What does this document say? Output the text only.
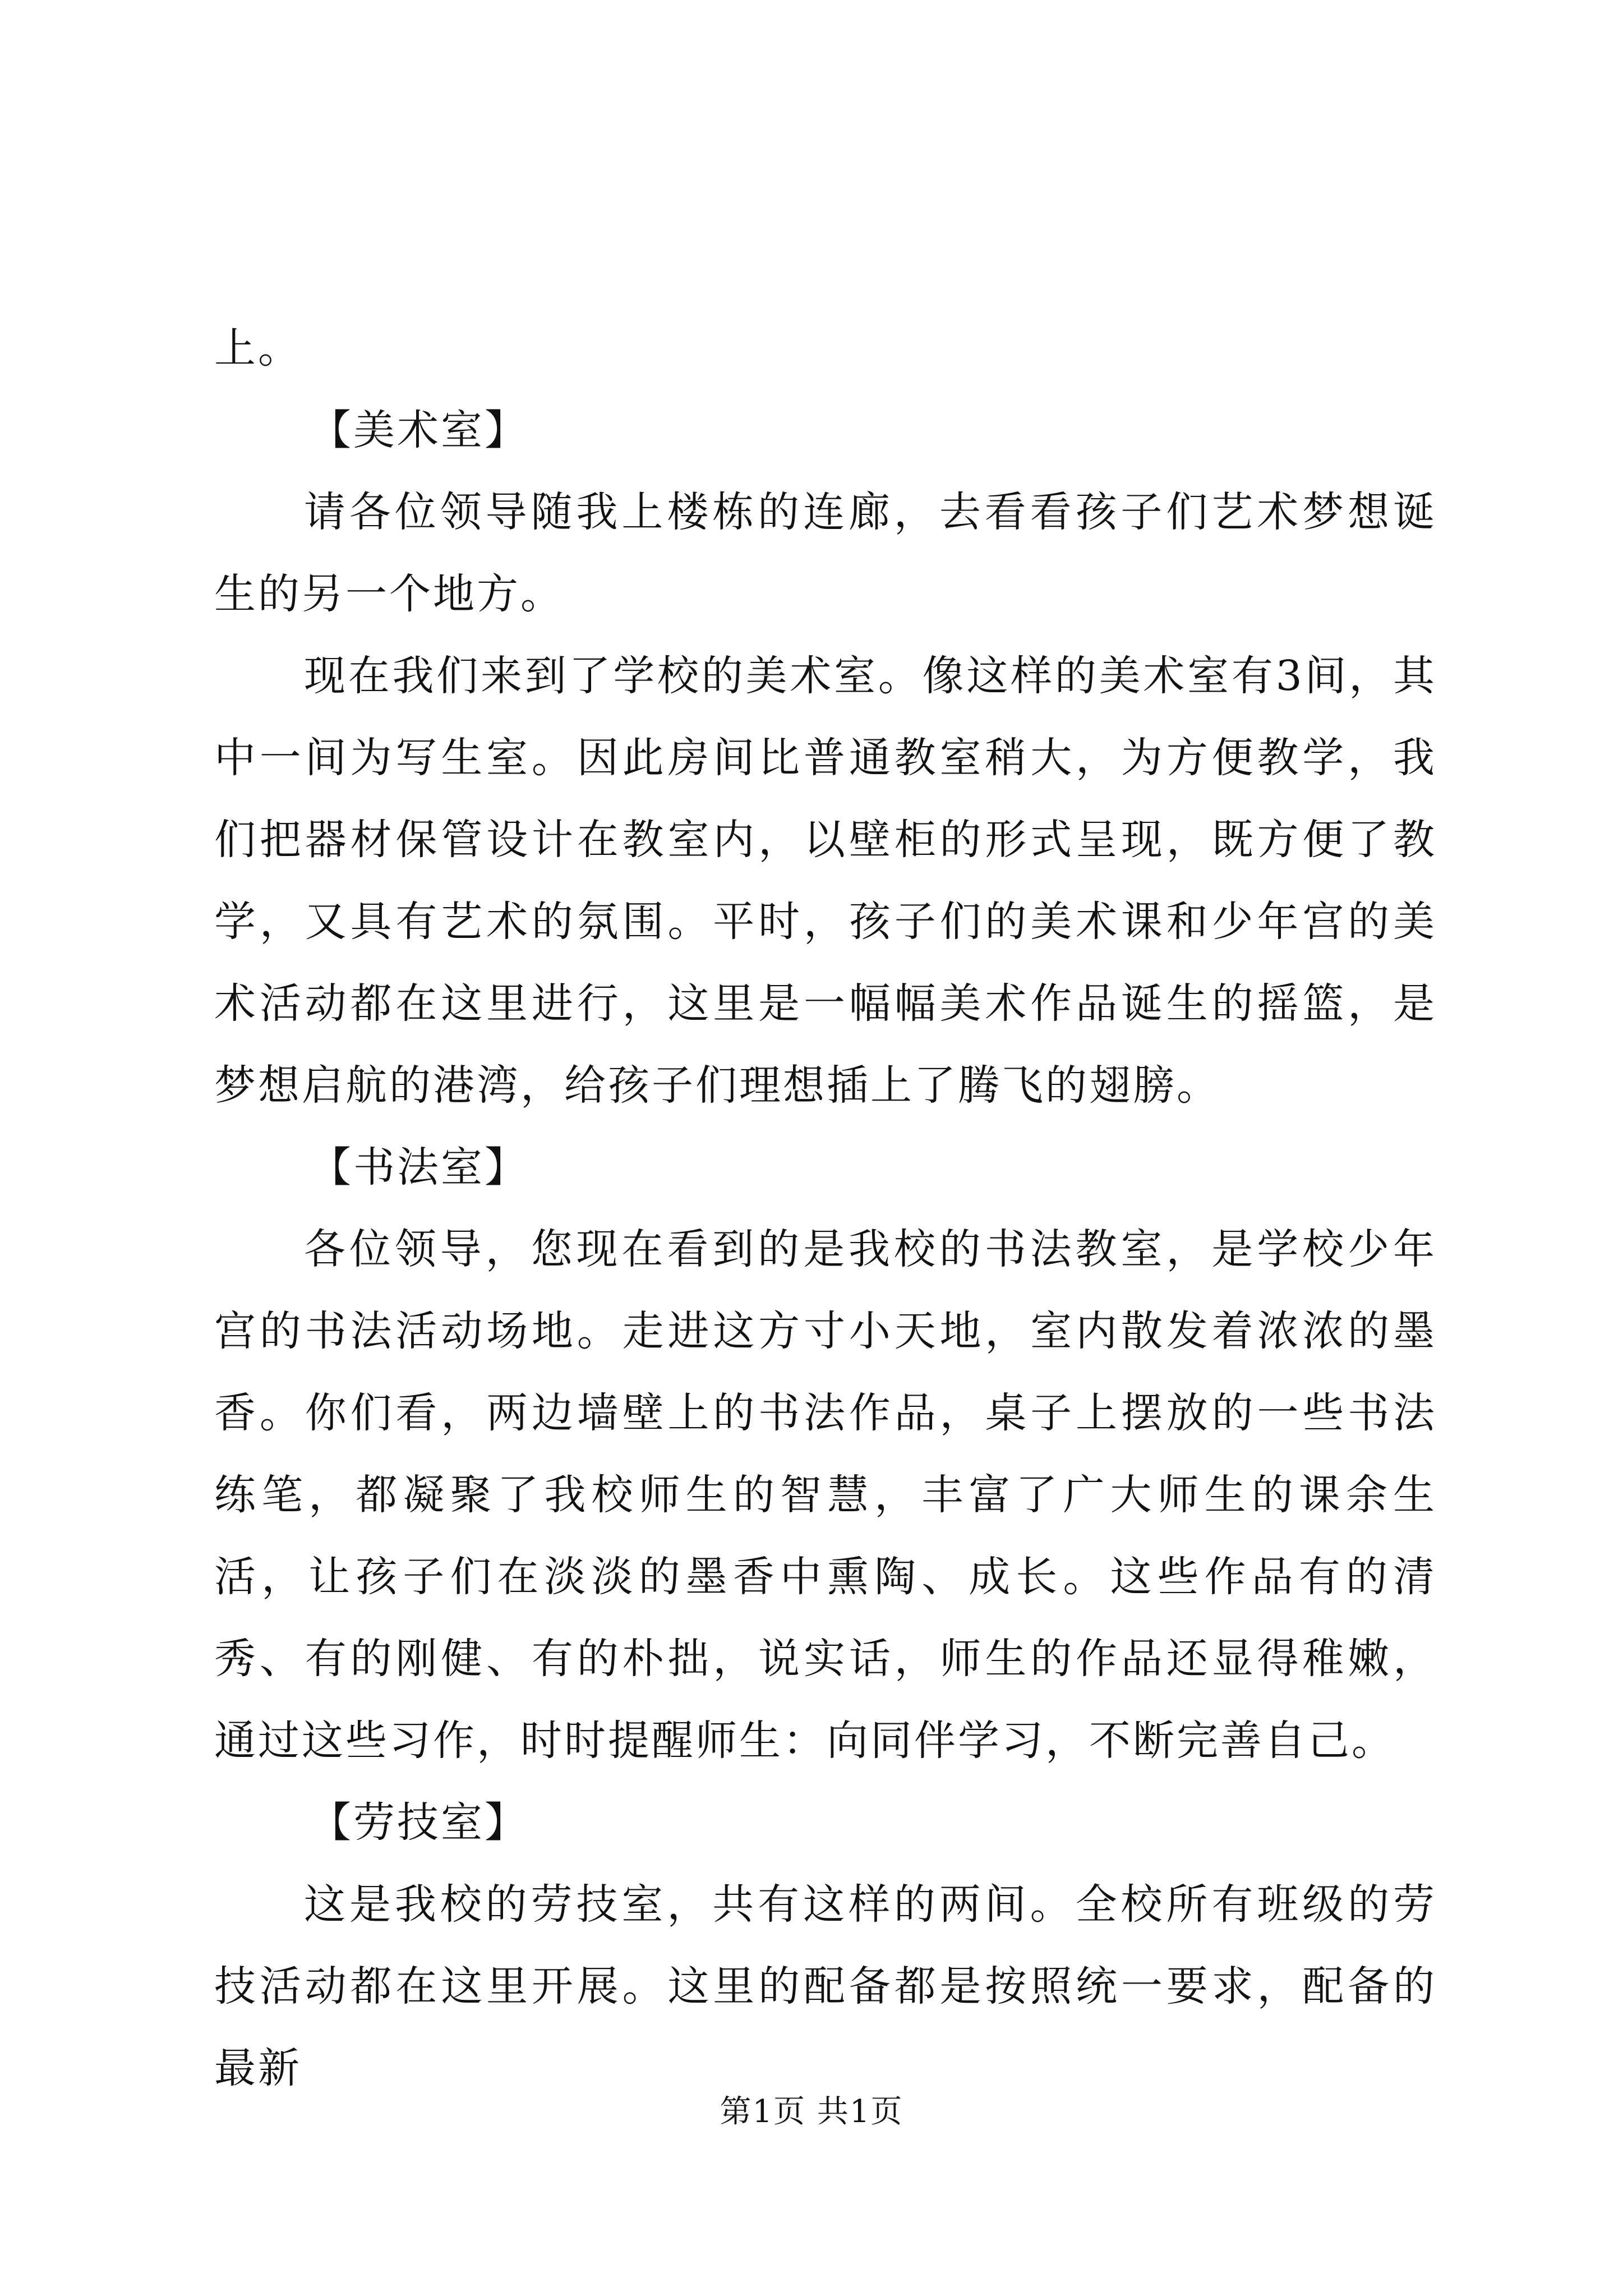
上。

【美术室】

请各位领导随我上楼栋的连廊，去看看孩子们艺术梦想诞生的另一个地方。

现在我们来到了学校的美术室。像这样的美术室有3间，其中一间为写生室。因此房间比普通教室稍大，为方便教学，我们把器材保管设计在教室内，以壁柜的形式呈现，既方便了教学，又具有艺术的氛围。平时，孩子们的美术课和少年宫的美术活动都在这里进行，这里是一幅幅美术作品诞生的摇篮，是梦想启航的港湾，给孩子们理想插上了腾飞的翅膀。

【书法室】

各位领导，您现在看到的是我校的书法教室，是学校少年宫的书法活动场地。走进这方寸小天地，室内散发着浓浓的墨香。你们看，两边墙壁上的书法作品，桌子上摆放的一些书法练笔，都凝聚了我校师生的智慧，丰富了广大师生的课余生活，让孩子们在淡淡的墨香中熏陶、成长。这些作品有的清秀、有的刚健、有的朴拙，说实话，师生的作品还显得稚嫩，通过这些习作，时时提醒师生：向同伴学习，不断完善自己。

【劳技室】

这是我校的劳技室，共有这样的两间。全校所有班级的劳技活动都在这里开展。这里的配备都是按照统一要求，配备的最新

第1页 共1页
